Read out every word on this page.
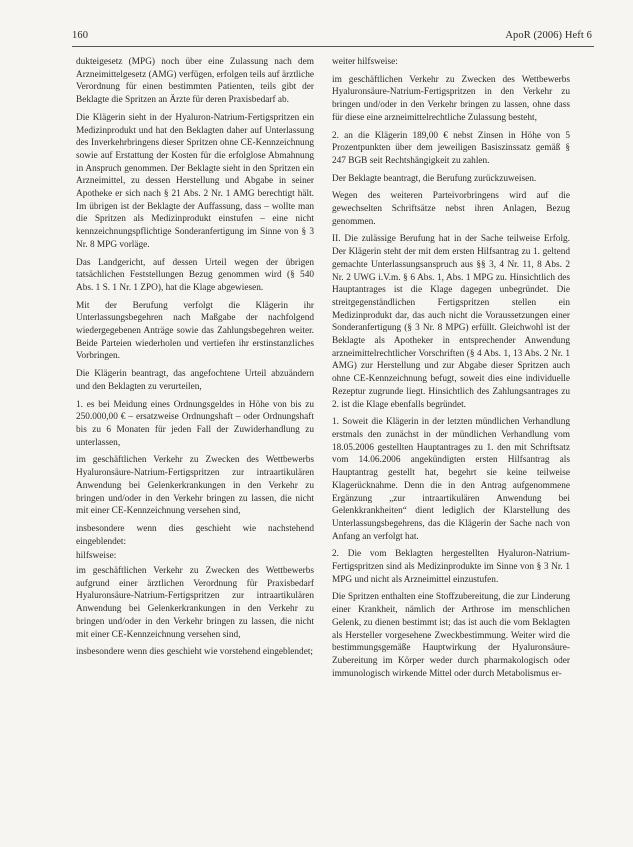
160	ApoR (2006) Heft 6

dukteigesetz (MPG) noch über eine Zulassung nach dem Arzneimittelgesetz (AMG) verfügen, erfolgen teils auf ärztliche Verordnung für einen bestimmten Patienten, teils gibt der Beklagte die Spritzen an Ärzte für deren Praxisbedarf ab.

Die Klägerin sieht in der Hyaluron-Natrium-Fertigspritzen ein Medizinprodukt und hat den Beklagten daher auf Unterlassung des Inverkehrbringens dieser Spritzen ohne CE-Kennzeichnung sowie auf Erstattung der Kosten für die erfolglose Abmahnung in Anspruch genommen. Der Beklagte sieht in den Spritzen ein Arzneimittel, zu dessen Herstellung und Abgabe in seiner Apotheke er sich nach § 21 Abs. 2 Nr. 1 AMG berechtigt hält. Im übrigen ist der Beklagte der Auffassung, dass – wollte man die Spritzen als Medizinprodukt einstufen – eine nicht kennzeichnungspflichtige Sonderanfertigung im Sinne von § 3 Nr. 8 MPG vorläge.

Das Landgericht, auf dessen Urteil wegen der übrigen tatsächlichen Feststellungen Bezug genommen wird (§ 540 Abs. 1 S. 1 Nr. 1 ZPO), hat die Klage abgewiesen.

Mit der Berufung verfolgt die Klägerin ihr Unterlassungsbegehren nach Maßgabe der nachfolgend wiedergegebenen Anträge sowie das Zahlungsbegehren weiter. Beide Parteien wiederholen und vertiefen ihr erstinstanzliches Vorbringen.

Die Klägerin beantragt, das angefochtene Urteil abzuändern und den Beklagten zu verurteilen,

1. es bei Meidung eines Ordnungsgeldes in Höhe von bis zu 250.000,00 € – ersatzweise Ordnungshaft – oder Ordnungshaft bis zu 6 Monaten für jeden Fall der Zuwiderhandlung zu unterlassen,

im geschäftlichen Verkehr zu Zwecken des Wettbewerbs Hyaluronsäure-Natrium-Fertigspritzen zur intraartikulären Anwendung bei Gelenkerkrankungen in den Verkehr zu bringen und/oder in den Verkehr bringen zu lassen, die nicht mit einer CE-Kennzeichnung versehen sind,

insbesondere wenn dies geschieht wie nachstehend eingeblendet:

hilfsweise:

im geschäftlichen Verkehr zu Zwecken des Wettbewerbs aufgrund einer ärztlichen Verordnung für Praxisbedarf Hyaluronsäure-Natrium-Fertigspritzen zur intraartikulären Anwendung bei Gelenkerkrankungen in den Verkehr zu bringen und/oder in den Verkehr bringen zu lassen, die nicht mit einer CE-Kennzeichnung versehen sind,

insbesondere wenn dies geschieht wie vorstehend eingeblendet;

weiter hilfsweise:

im geschäftlichen Verkehr zu Zwecken des Wettbewerbs Hyaluronsäure-Natrium-Fertigspritzen in den Verkehr zu bringen und/oder in den Verkehr bringen zu lassen, ohne dass für diese eine arzneimittelrechtliche Zulassung besteht,

2. an die Klägerin 189,00 € nebst Zinsen in Höhe von 5 Prozentpunkten über dem jeweiligen Basiszinssatz gemäß § 247 BGB seit Rechtshängigkeit zu zahlen.

Der Beklagte beantragt, die Berufung zurückzuweisen.

Wegen des weiteren Parteivorbringens wird auf die gewechselten Schriftsätze nebst ihren Anlagen, Bezug genommen.

II. Die zulässige Berufung hat in der Sache teilweise Erfolg. Der Klägerin steht der mit dem ersten Hilfsantrag zu 1. geltend gemachte Unterlassungsanspruch aus §§ 3, 4 Nr. 11, 8 Abs. 2 Nr. 2 UWG i.V.m. § 6 Abs. 1, Abs. 1 MPG zu. Hinsichtlich des Hauptantrages ist die Klage dagegen unbegründet. Die streitgegenständlichen Fertigspritzen stellen ein Medizinprodukt dar, das auch nicht die Voraussetzungen einer Sonderanfertigung (§ 3 Nr. 8 MPG) erfüllt. Gleichwohl ist der Beklagte als Apotheker in entsprechender Anwendung arzneimittelrechtlicher Vorschriften (§ 4 Abs. 1, 13 Abs. 2 Nr. 1 AMG) zur Herstellung und zur Abgabe dieser Spritzen auch ohne CE-Kennzeichnung befugt, soweit dies eine individuelle Rezeptur zugrunde liegt. Hinsichtlich des Zahlungsantrages zu 2. ist die Klage ebenfalls begründet.

1. Soweit die Klägerin in der letzten mündlichen Verhandlung erstmals den zunächst in der mündlichen Verhandlung vom 18.05.2006 gestellten Hauptantrages zu 1. den mit Schriftsatz vom 14.06.2006 angekündigten ersten Hilfsantrag als Hauptantrag gestellt hat, begehrt sie keine teilweise Klagerücknahme. Denn die in den Antrag aufgenommene Ergänzung „zur intraartikulären Anwendung bei Gelenkkrankheiten“ dient lediglich der Klarstellung des Unterlassungsbegehrens, das die Klägerin der Sache nach von Anfang an verfolgt hat.

2. Die vom Beklagten hergestellten Hyaluron-Natrium-Fertigspritzen sind als Medizinprodukte im Sinne von § 3 Nr. 1 MPG und nicht als Arzneimittel einzustufen.

Die Spritzen enthalten eine Stoffzubereitung, die zur Linderung einer Krankheit, nämlich der Arthrose im menschlichen Gelenk, zu dienen bestimmt ist; das ist auch die vom Beklagten als Hersteller vorgesehene Zweckbestimmung. Weiter wird die bestimmungsgemäße Hauptwirkung der Hyaluronsäure-Zubereitung im Körper weder durch pharmakologisch oder immunologisch wirkende Mittel oder durch Metabolismus er-
